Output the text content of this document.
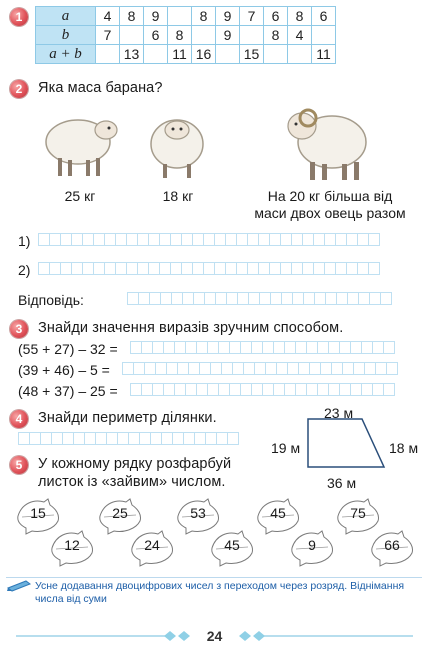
1	a	4	8	9		8	9	7	6	8	6
b	7		6	8		9		8	4	
a + b		13		11	16		15			11
2	Яка маса барана?
25 кг	18 кг	На 20 кг більша від
маси двох овець разом
1)
2)
Відповідь:
3	Знайди значення виразів зручним способом.
(55 + 27) – 32 =
(39 + 46) – 5 =
(48 + 37) – 25 =
4	Знайди периметр ділянки.	23 м
19 м	18 м
36 м
5	У кожному рядку розфарбуй
листок із «зайвим» числом.
15	25	53	45	75
12	24	45	9	66
Усне додавання двоцифрових чисел з переходом через розряд. Віднімання числа від суми
24
